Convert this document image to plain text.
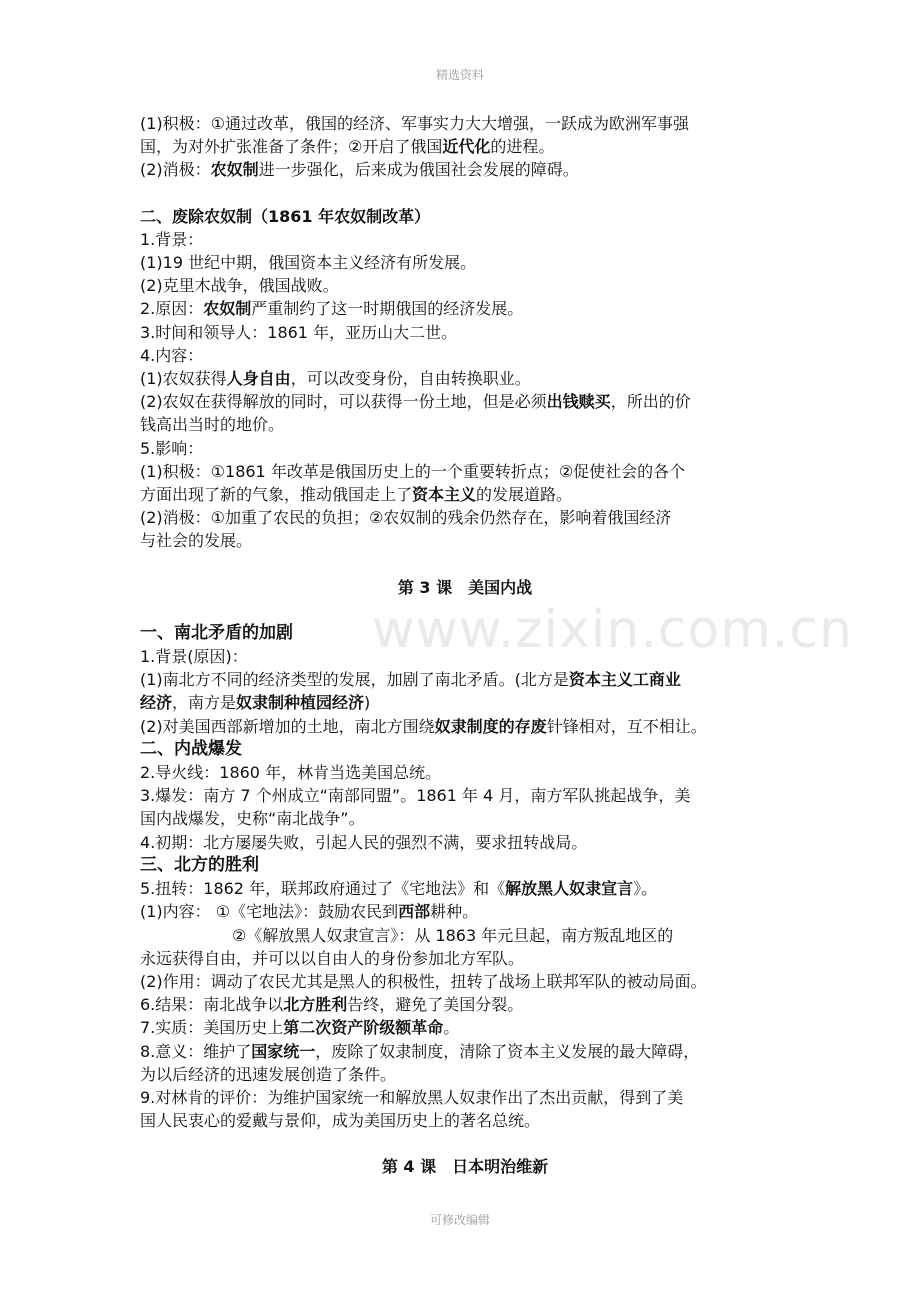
精选资料
www.zixin.com.cn
(1)积极：①通过改革，俄国的经济、军事实力大大增强，一跃成为欧洲军事强
国，为对外扩张准备了条件；②开启了俄国近代化的进程。
(2)消极：农奴制进一步强化，后来成为俄国社会发展的障碍。
二、废除农奴制（1861 年农奴制改革）
1.背景：
(1)19 世纪中期，俄国资本主义经济有所发展。
(2)克里木战争，俄国战败。
2.原因：农奴制严重制约了这一时期俄国的经济发展。
3.时间和领导人：1861 年，亚历山大二世。
4.内容：
(1)农奴获得人身自由，可以改变身份，自由转换职业。
(2)农奴在获得解放的同时，可以获得一份土地，但是必须出钱赎买，所出的价
钱高出当时的地价。
5.影响：
(1)积极：①1861 年改革是俄国历史上的一个重要转折点；②促使社会的各个
方面出现了新的气象，推动俄国走上了资本主义的发展道路。
(2)消极：①加重了农民的负担；②农奴制的残余仍然存在，影响着俄国经济
与社会的发展。
第 3 课　美国内战
一、南北矛盾的加剧
1.背景(原因)：
(1)南北方不同的经济类型的发展，加剧了南北矛盾。(北方是资本主义工商业
经济，南方是奴隶制种植园经济)
(2)对美国西部新增加的土地，南北方围绕奴隶制度的存废针锋相对，互不相让。
二、内战爆发
2.导火线：1860 年，林肯当选美国总统。
3.爆发：南方 7 个州成立“南部同盟”。1861 年 4 月，南方军队挑起战争，美
国内战爆发，史称“南北战争”。
4.初期：北方屡屡失败，引起人民的强烈不满，要求扭转战局。
三、北方的胜利
5.扭转：1862 年，联邦政府通过了《宅地法》和《解放黑人奴隶宣言》。
(1)内容： ①《宅地法》：鼓励农民到西部耕种。
②《解放黑人奴隶宣言》：从 1863 年元旦起，南方叛乱地区的
永远获得自由，并可以以自由人的身份参加北方军队。
(2)作用：调动了农民尤其是黑人的积极性，扭转了战场上联邦军队的被动局面。
6.结果：南北战争以北方胜利告终，避免了美国分裂。
7.实质：美国历史上第二次资产阶级额革命。
8.意义：维护了国家统一，废除了奴隶制度，清除了资本主义发展的最大障碍，
为以后经济的迅速发展创造了条件。
9.对林肯的评价：为维护国家统一和解放黑人奴隶作出了杰出贡献，得到了美
国人民衷心的爱戴与景仰，成为美国历史上的著名总统。
第 4 课　日本明治维新
可修改编辑
